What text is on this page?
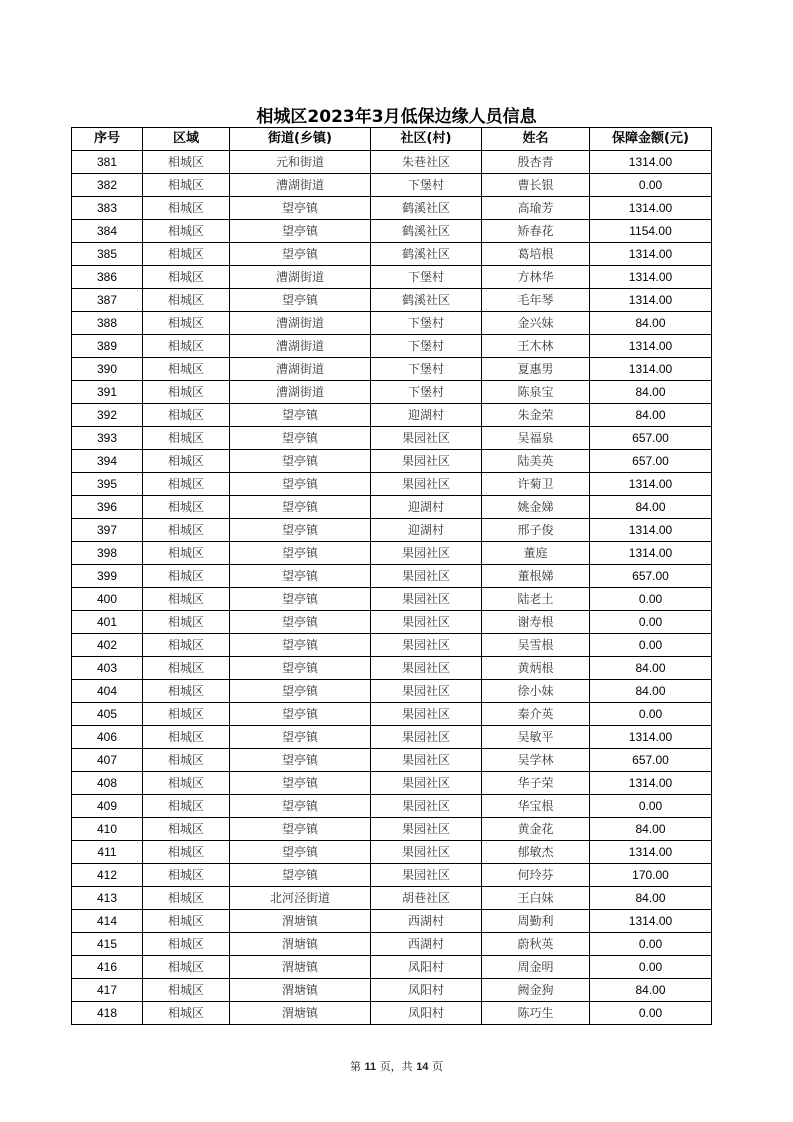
相城区2023年3月低保边缘人员信息
序号	区域	街道(乡镇)	社区(村)	姓名	保障金额(元)
381	相城区	元和街道	朱巷社区	殷杏青	1314.00
382	相城区	漕湖街道	下堡村	曹长银	0.00
383	相城区	望亭镇	鹤溪社区	高瑜芳	1314.00
384	相城区	望亭镇	鹤溪社区	矫春花	1154.00
385	相城区	望亭镇	鹤溪社区	葛培根	1314.00
386	相城区	漕湖街道	下堡村	方林华	1314.00
387	相城区	望亭镇	鹤溪社区	毛年琴	1314.00
388	相城区	漕湖街道	下堡村	金兴妹	84.00
389	相城区	漕湖街道	下堡村	王木林	1314.00
390	相城区	漕湖街道	下堡村	夏惠男	1314.00
391	相城区	漕湖街道	下堡村	陈泉宝	84.00
392	相城区	望亭镇	迎湖村	朱金荣	84.00
393	相城区	望亭镇	果园社区	吴福泉	657.00
394	相城区	望亭镇	果园社区	陆美英	657.00
395	相城区	望亭镇	果园社区	许菊卫	1314.00
396	相城区	望亭镇	迎湖村	姚金娣	84.00
397	相城区	望亭镇	迎湖村	邢子俊	1314.00
398	相城区	望亭镇	果园社区	董庭	1314.00
399	相城区	望亭镇	果园社区	董根娣	657.00
400	相城区	望亭镇	果园社区	陆老土	0.00
401	相城区	望亭镇	果园社区	谢寿根	0.00
402	相城区	望亭镇	果园社区	吴雪根	0.00
403	相城区	望亭镇	果园社区	黄炳根	84.00
404	相城区	望亭镇	果园社区	徐小妹	84.00
405	相城区	望亭镇	果园社区	秦介英	0.00
406	相城区	望亭镇	果园社区	吴敏平	1314.00
407	相城区	望亭镇	果园社区	吴学林	657.00
408	相城区	望亭镇	果园社区	华子荣	1314.00
409	相城区	望亭镇	果园社区	华宝根	0.00
410	相城区	望亭镇	果园社区	黄金花	84.00
411	相城区	望亭镇	果园社区	郁敏杰	1314.00
412	相城区	望亭镇	果园社区	何玲芬	170.00
413	相城区	北河泾街道	胡巷社区	王白妹	84.00
414	相城区	渭塘镇	西湖村	周勤利	1314.00
415	相城区	渭塘镇	西湖村	蔚秋英	0.00
416	相城区	渭塘镇	凤阳村	周金明	0.00
417	相城区	渭塘镇	凤阳村	阙金狗	84.00
418	相城区	渭塘镇	凤阳村	陈巧生	0.00
第 11 页，共 14 页
